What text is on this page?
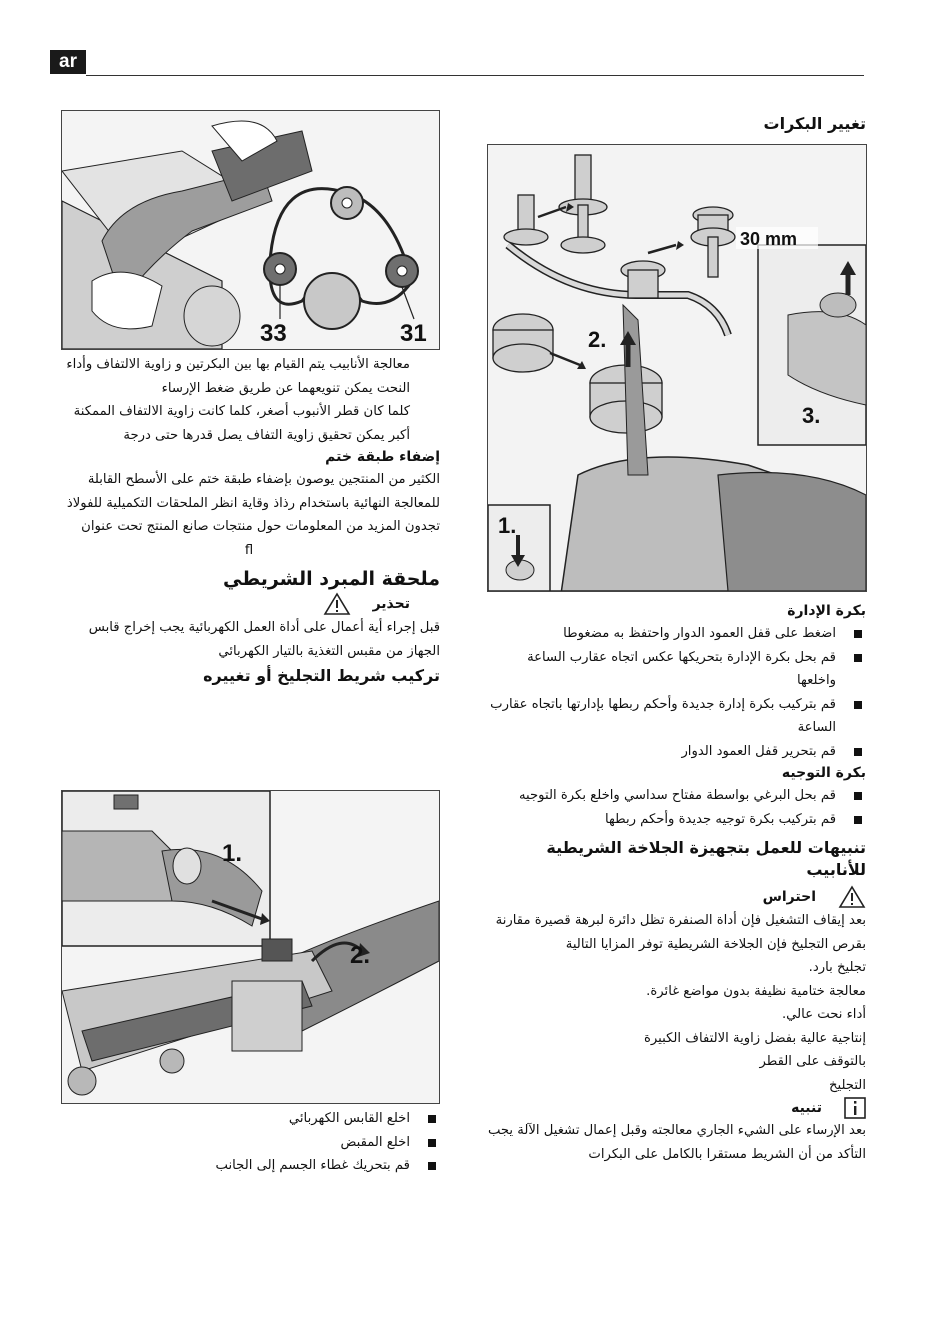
ar

تغيير البكرات

2.
3.
1.
30 mm

بكرة الإدارة

اضغط على قفل العمود الدوار واحتفظ به مضغوطا
قم بحل بكرة الإدارة بتحريكها عكس اتجاه عقارب الساعة واخلعها
قم بتركيب بكرة إدارة جديدة وأحكم ربطها بإدارتها باتجاه عقارب الساعة
قم بتحرير قفل العمود الدوار

بكرة التوجيه

قم بحل البرغي بواسطة مفتاح سداسي واخلع بكرة التوجيه
قم بتركيب بكرة توجيه جديدة وأحكم ربطها

تنبيهات للعمل بتجهيزة الجلاخة الشريطية للأنابيب

احتراس

بعد إيقاف التشغيل فإن أداة الصنفرة تظل دائرة لبرهة قصيرة مقارنة بقرص التجليخ فإن الجلاخة الشريطية توفر المزايا التالية

تجليخ بارد.

معالجة ختامية نظيفة بدون مواضع غائرة.

أداء نحت عالي.

إنتاجية عالية بفضل زاوية الالتفاف الكبيرة

بالتوقف على القطر

التجليخ

تنبيه

بعد الإرساء على الشيء الجاري معالجته وقبل إعمال تشغيل الآلة يجب التأكد من أن الشريط مستقرا بالكامل على البكرات

33	31

معالجة الأنابيب يتم القيام بها بين البكرتين و زاوية الالتفاف وأداء النحت يمكن تنويعهما عن طريق ضغط الإرساء

كلما كان قطر الأنبوب أصغر، كلما كانت زاوية الالتفاف الممكنة أكبر يمكن تحقيق زاوية التفاف يصل قدرها حتى درجة

إضفاء طبقة ختم

الكثير من المنتجين يوصون بإضفاء طبقة ختم على الأسطح القابلة للمعالجة النهائية باستخدام رذاذ وقاية انظر الملحقات التكميلية للفولاذ

تجدون المزيد من المعلومات حول منتجات صانع المنتج تحت عنوان

fl

ملحقة المبرد الشريطي

تحذير

قبل إجراء أية أعمال على أداة العمل الكهربائية يجب إخراج قابس الجهاز من مقبس التغذية بالتيار الكهربائي

تركيب شريط التجليخ أو تغييره

1.
2.
اخلع القابس الكهربائي
اخلع المقبض
قم بتحريك غطاء الجسم إلى الجانب
